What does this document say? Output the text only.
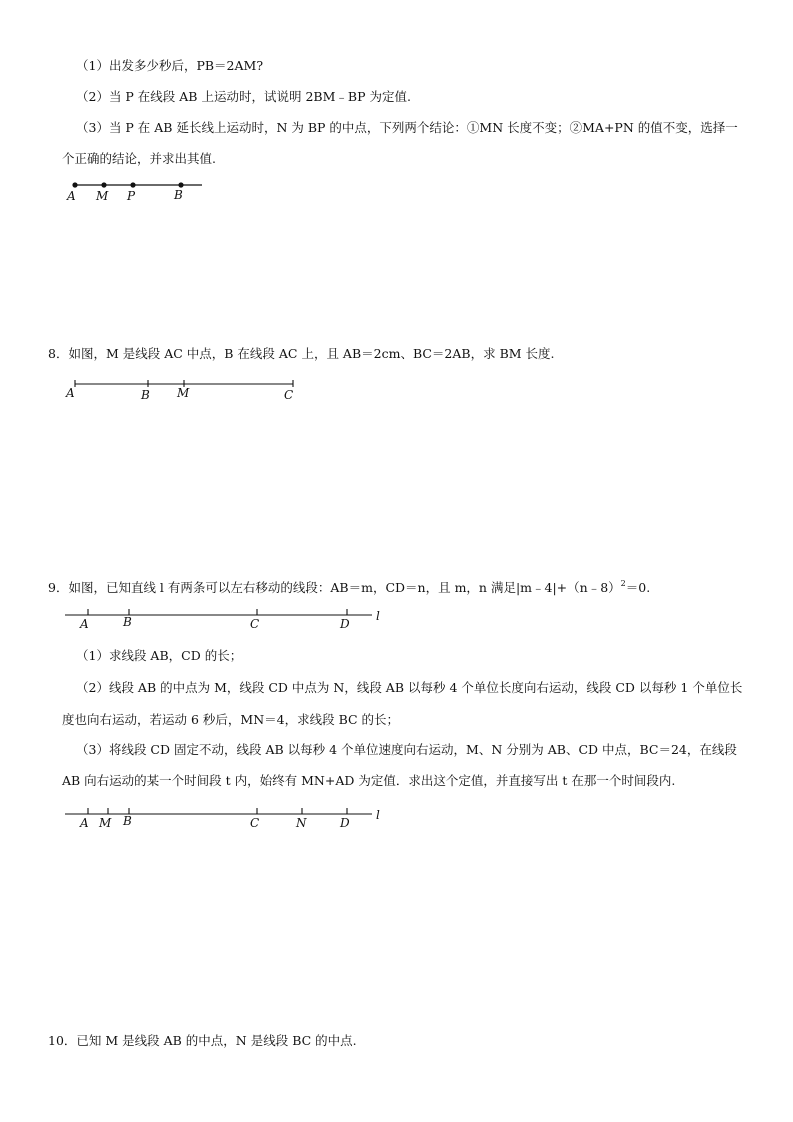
（1）出发多少秒后，PB＝2AM?
（2）当 P 在线段 AB 上运动时，试说明 2BM﹣BP 为定值.
（3）当 P 在 AB 延长线上运动时，N 为 BP 的中点，下列两个结论：①MN 长度不变；②MA+PN 的值不变，选择一
个正确的结论，并求出其值.
A M P	B
8．如图，M 是线段 AC 中点，B 在线段 AC 上，且 AB＝2cm、BC＝2AB，求 BM 长度.
A	B M	C
9．如图，已知直线 l 有两条可以左右移动的线段：AB＝m，CD＝n，且 m，n 满足|m﹣4|+（n﹣8）$^2$＝0.
A	B	C	D
l
（1）求线段 AB，CD 的长；
（2）线段 AB 的中点为 M，线段 CD 中点为 N，线段 AB 以每秒 4 个单位长度向右运动，线段 CD 以每秒 1 个单位长
度也向右运动，若运动 6 秒后，MN＝4，求线段 BC 的长；
（3）将线段 CD 固定不动，线段 AB 以每秒 4 个单位速度向右运动，M、N 分别为 AB、CD 中点，BC＝24，在线段
AB 向右运动的某一个时间段 t 内，始终有 MN+AD 为定值．求出这个定值，并直接写出 t 在那一个时间段内.
A M B	C	N	D
l
10．已知 M 是线段 AB 的中点，N 是线段 BC 的中点.
